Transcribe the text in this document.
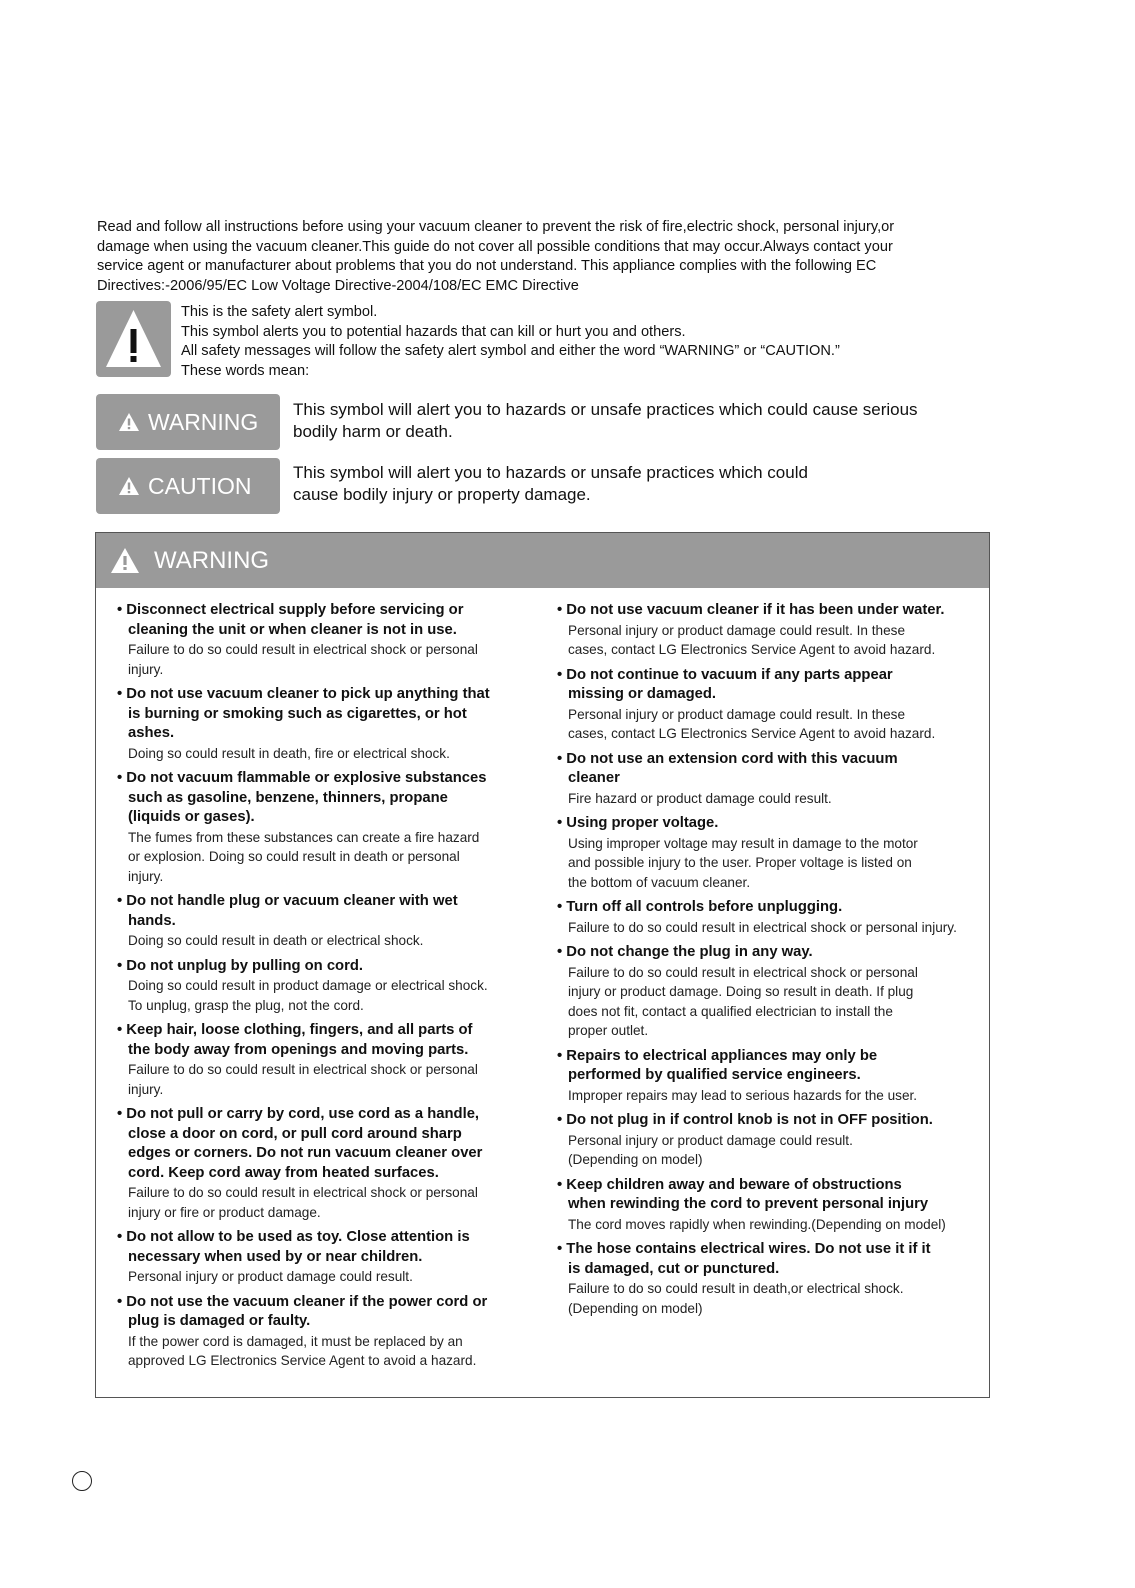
Read and follow all instructions before using your vacuum cleaner to prevent the risk of fire,electric shock, personal injury,or

damage when using the vacuum cleaner.This guide do not cover all possible conditions that may occur.Always contact your

service agent or manufacturer about problems that you do not understand. This appliance complies with the following EC

Directives:-2006/95/EC Low Voltage Directive-2004/108/EC EMC Directive

This is the safety alert symbol.

This symbol alerts you to potential hazards that can kill or hurt you and others.

All safety messages will follow the safety alert symbol and either the word “WARNING” or “CAUTION.”

These words mean:

WARNING This symbol will alert you to hazards or unsafe practices which could cause serious

bodily harm or death.

CAUTION This symbol will alert you to hazards or unsafe practices which could

cause bodily injury or property damage.

WARNING
• Disconnect electrical supply before servicing or
cleaning the unit or when cleaner is not in use.
Failure to do so could result in electrical shock or personal
injury.
• Do not use vacuum cleaner to pick up anything that
is burning or smoking such as cigarettes, or hot
ashes.
Doing so could result in death, fire or electrical shock.
• Do not vacuum flammable or explosive substances
such as gasoline, benzene, thinners, propane
(liquids or gases).
The fumes from these substances can create a fire hazard
or explosion. Doing so could result in death or personal
injury.
• Do not handle plug or vacuum cleaner with wet
hands.
Doing so could result in death or electrical shock.
• Do not unplug by pulling on cord.
Doing so could result in product damage or electrical shock.
To unplug, grasp the plug, not the cord.
• Keep hair, loose clothing, fingers, and all parts of
the body away from openings and moving parts.
Failure to do so could result in electrical shock or personal
injury.
• Do not pull or carry by cord, use cord as a handle,
close a door on cord, or pull cord around sharp
edges or corners. Do not run vacuum cleaner over
cord. Keep cord away from heated surfaces.
Failure to do so could result in electrical shock or personal
injury or fire or product damage.
• Do not allow to be used as toy. Close attention is
necessary when used by or near children.
Personal injury or product damage could result.
• Do not use the vacuum cleaner if the power cord or
plug is damaged or faulty.
If the power cord is damaged, it must be replaced by an
approved LG Electronics Service Agent to avoid a hazard.
• Do not use vacuum cleaner if it has been under water.
Personal injury or product damage could result. In these
cases, contact LG Electronics Service Agent to avoid hazard.
• Do not continue to vacuum if any parts appear
missing or damaged.
Personal injury or product damage could result. In these
cases, contact LG Electronics Service Agent to avoid hazard.
• Do not use an extension cord with this vacuum
cleaner
Fire hazard or product damage could result.
• Using proper voltage.
Using improper voltage may result in damage to the motor
and possible injury to the user. Proper voltage is listed on
the bottom of vacuum cleaner.
• Turn off all controls before unplugging.
Failure to do so could result in electrical shock or personal injury.
• Do not change the plug in any way.
Failure to do so could result in electrical shock or personal
injury or product damage. Doing so result in death. If plug
does not fit, contact a qualified electrician to install the
proper outlet.
• Repairs to electrical appliances may only be
performed by qualified service engineers.
Improper repairs may lead to serious hazards for the user.
• Do not plug in if control knob is not in OFF position.
Personal injury or product damage could result.
(Depending on model)
• Keep children away and beware of obstructions
when rewinding the cord to prevent personal injury
The cord moves rapidly when rewinding.(Depending on model)
• The hose contains electrical wires. Do not use it if it
is damaged, cut or punctured.
Failure to do so could result in death,or electrical shock.
(Depending on model)
